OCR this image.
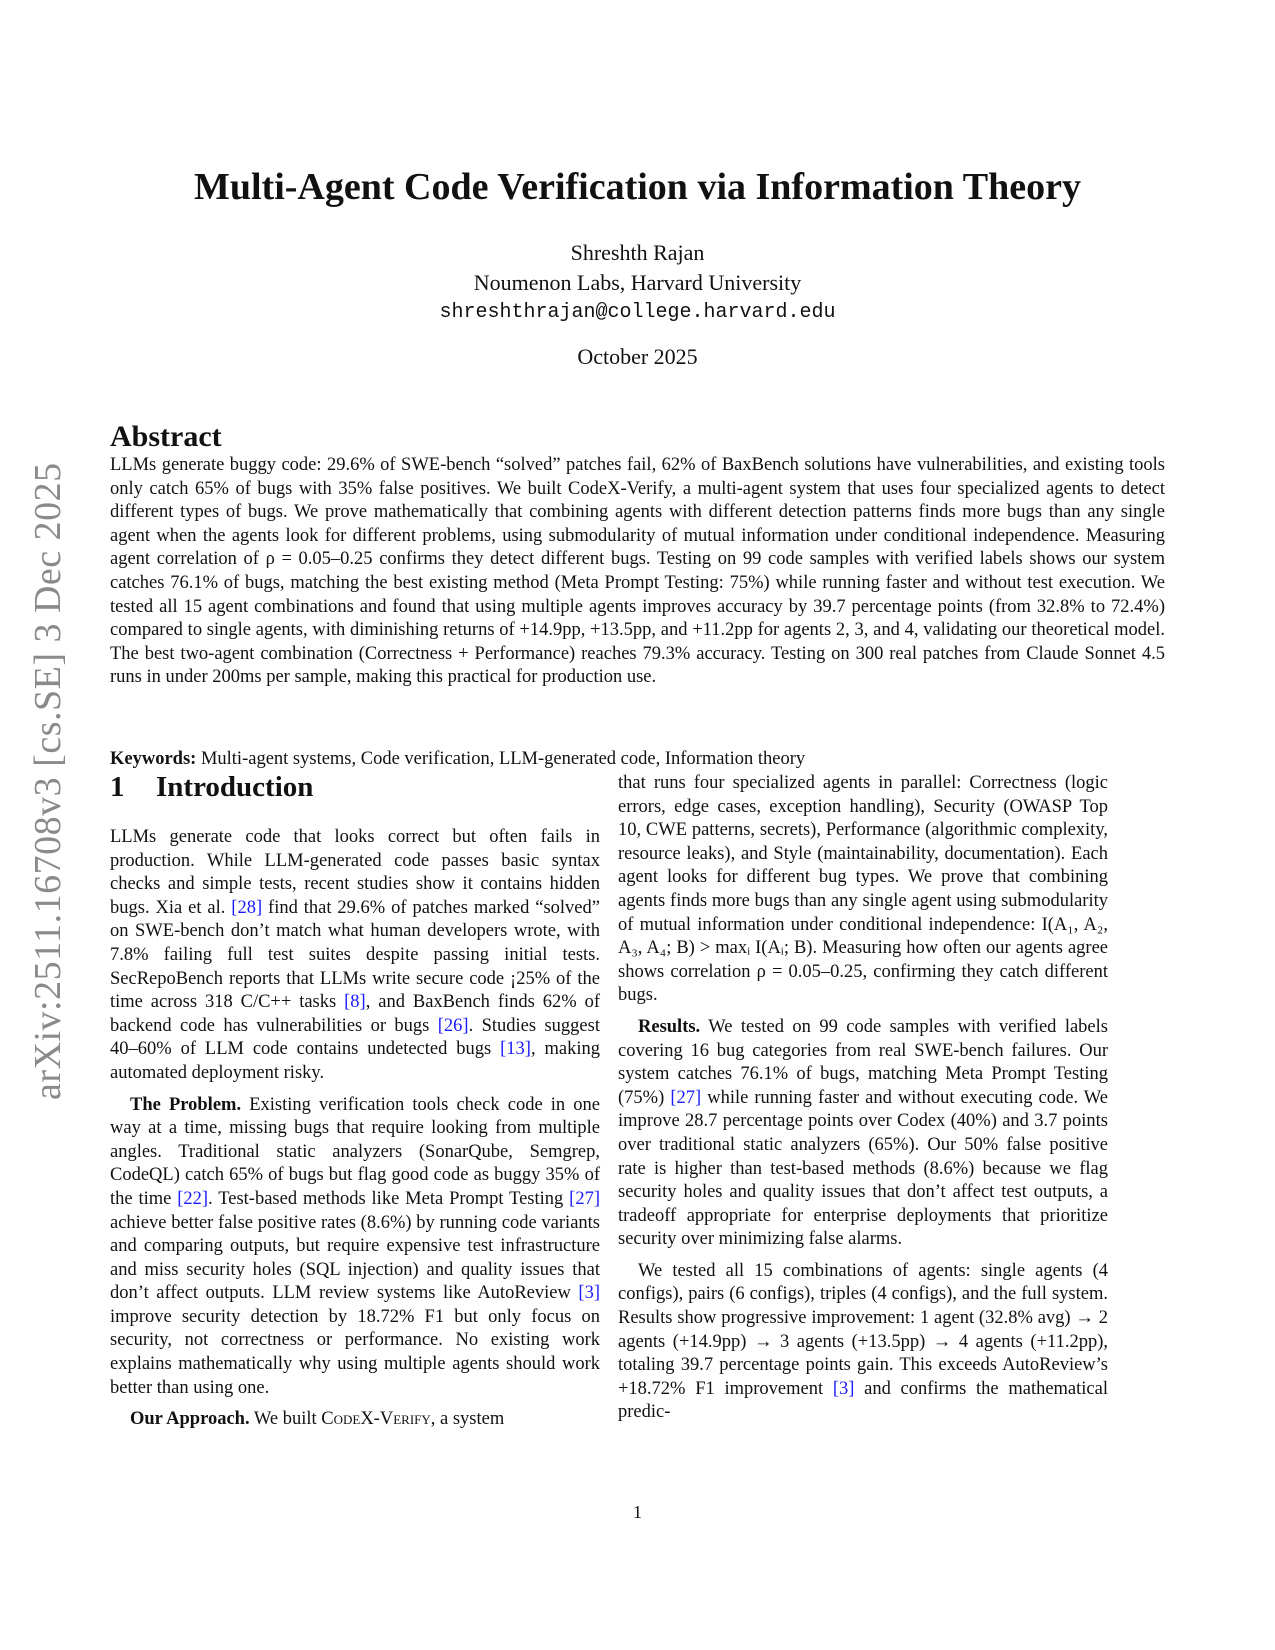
arXiv:2511.16708v3 [cs.SE] 3 Dec 2025
Multi-Agent Code Verification via Information Theory
Shreshth Rajan
Noumenon Labs, Harvard University
shreshthrajan@college.harvard.edu
October 2025
Abstract
LLMs generate buggy code: 29.6% of SWE-bench “solved” patches fail, 62% of BaxBench solutions have vulnerabilities, and existing tools only catch 65% of bugs with 35% false positives. We built CodeX-Verify, a multi-agent system that uses four specialized agents to detect different types of bugs. We prove mathematically that combining agents with different detection patterns finds more bugs than any single agent when the agents look for different problems, using submodularity of mutual information under conditional independence. Measuring agent correlation of ρ = 0.05–0.25 confirms they detect different bugs. Testing on 99 code samples with verified labels shows our system catches 76.1% of bugs, matching the best existing method (Meta Prompt Testing: 75%) while running faster and without test execution. We tested all 15 agent combinations and found that using multiple agents improves accuracy by 39.7 percentage points (from 32.8% to 72.4%) compared to single agents, with diminishing returns of +14.9pp, +13.5pp, and +11.2pp for agents 2, 3, and 4, validating our theoretical model. The best two-agent combination (Correctness + Performance) reaches 79.3% accuracy. Testing on 300 real patches from Claude Sonnet 4.5 runs in under 200ms per sample, making this practical for production use.
Keywords: Multi-agent systems, Code verification, LLM-generated code, Information theory
1 Introduction

LLMs generate code that looks correct but often fails in production. While LLM-generated code passes basic syntax checks and simple tests, recent studies show it contains hidden bugs. Xia et al. [28] find that 29.6% of patches marked “solved” on SWE-bench don’t match what human developers wrote, with 7.8% failing full test suites despite passing initial tests. SecRepoBench reports that LLMs write secure code ¡25% of the time across 318 C/C++ tasks [8], and BaxBench finds 62% of backend code has vulnerabilities or bugs [26]. Studies suggest 40–60% of LLM code contains undetected bugs [13], making automated deployment risky.

The Problem. Existing verification tools check code in one way at a time, missing bugs that require looking from multiple angles. Traditional static analyzers (SonarQube, Semgrep, CodeQL) catch 65% of bugs but flag good code as buggy 35% of the time [22]. Test-based methods like Meta Prompt Testing [27] achieve better false positive rates (8.6%) by running code variants and comparing outputs, but require expensive test infrastructure and miss security holes (SQL injection) and quality issues that don’t affect outputs. LLM review systems like AutoReview [3] improve security detection by 18.72% F1 but only focus on security, not correctness or performance. No existing work explains mathematically why using multiple agents should work better than using one.

Our Approach. We built CodeX-Verify, a system

that runs four specialized agents in parallel: Correctness (logic errors, edge cases, exception handling), Security (OWASP Top 10, CWE patterns, secrets), Performance (algorithmic complexity, resource leaks), and Style (maintainability, documentation). Each agent looks for different bug types. We prove that combining agents finds more bugs than any single agent using submodularity of mutual information under conditional independence: I(A₁, A₂, A₃, A₄; B) > maxᵢ I(Aᵢ; B). Measuring how often our agents agree shows correlation ρ = 0.05–0.25, confirming they catch different bugs.

Results. We tested on 99 code samples with verified labels covering 16 bug categories from real SWE-bench failures. Our system catches 76.1% of bugs, matching Meta Prompt Testing (75%) [27] while running faster and without executing code. We improve 28.7 percentage points over Codex (40%) and 3.7 points over traditional static analyzers (65%). Our 50% false positive rate is higher than test-based methods (8.6%) because we flag security holes and quality issues that don’t affect test outputs, a tradeoff appropriate for enterprise deployments that prioritize security over minimizing false alarms.

We tested all 15 combinations of agents: single agents (4 configs), pairs (6 configs), triples (4 configs), and the full system. Results show progressive improvement: 1 agent (32.8% avg) → 2 agents (+14.9pp) → 3 agents (+13.5pp) → 4 agents (+11.2pp), totaling 39.7 percentage points gain. This exceeds AutoReview’s +18.72% F1 improvement [3] and confirms the mathematical predic-

1
